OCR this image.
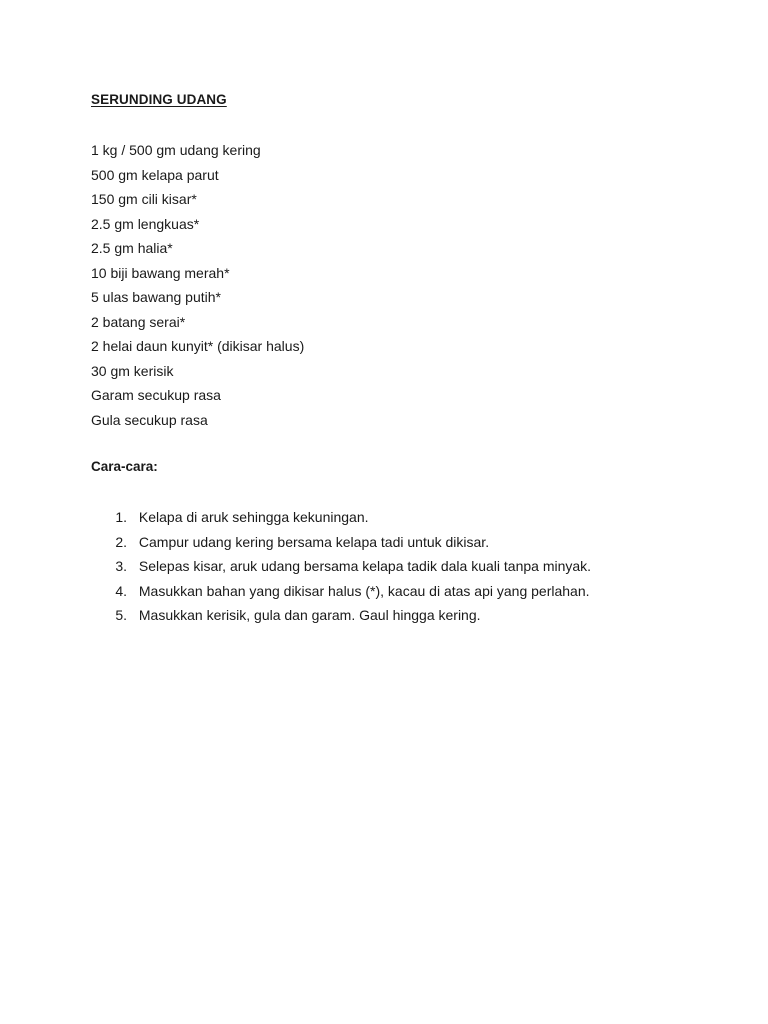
SERUNDING UDANG
1 kg / 500 gm udang kering
500 gm kelapa parut
150 gm cili kisar*
2.5 gm lengkuas*
2.5 gm halia*
10 biji bawang merah*
5 ulas bawang putih*
2 batang serai*
2 helai daun kunyit* (dikisar halus)
30 gm kerisik
Garam secukup rasa
Gula secukup rasa
Cara-cara:
1. Kelapa di aruk sehingga kekuningan.
2. Campur udang kering bersama kelapa tadi untuk dikisar.
3. Selepas kisar, aruk udang bersama kelapa tadik dala kuali tanpa minyak.
4. Masukkan bahan yang dikisar halus (*), kacau di atas api yang perlahan.
5. Masukkan kerisik, gula dan garam. Gaul hingga kering.
